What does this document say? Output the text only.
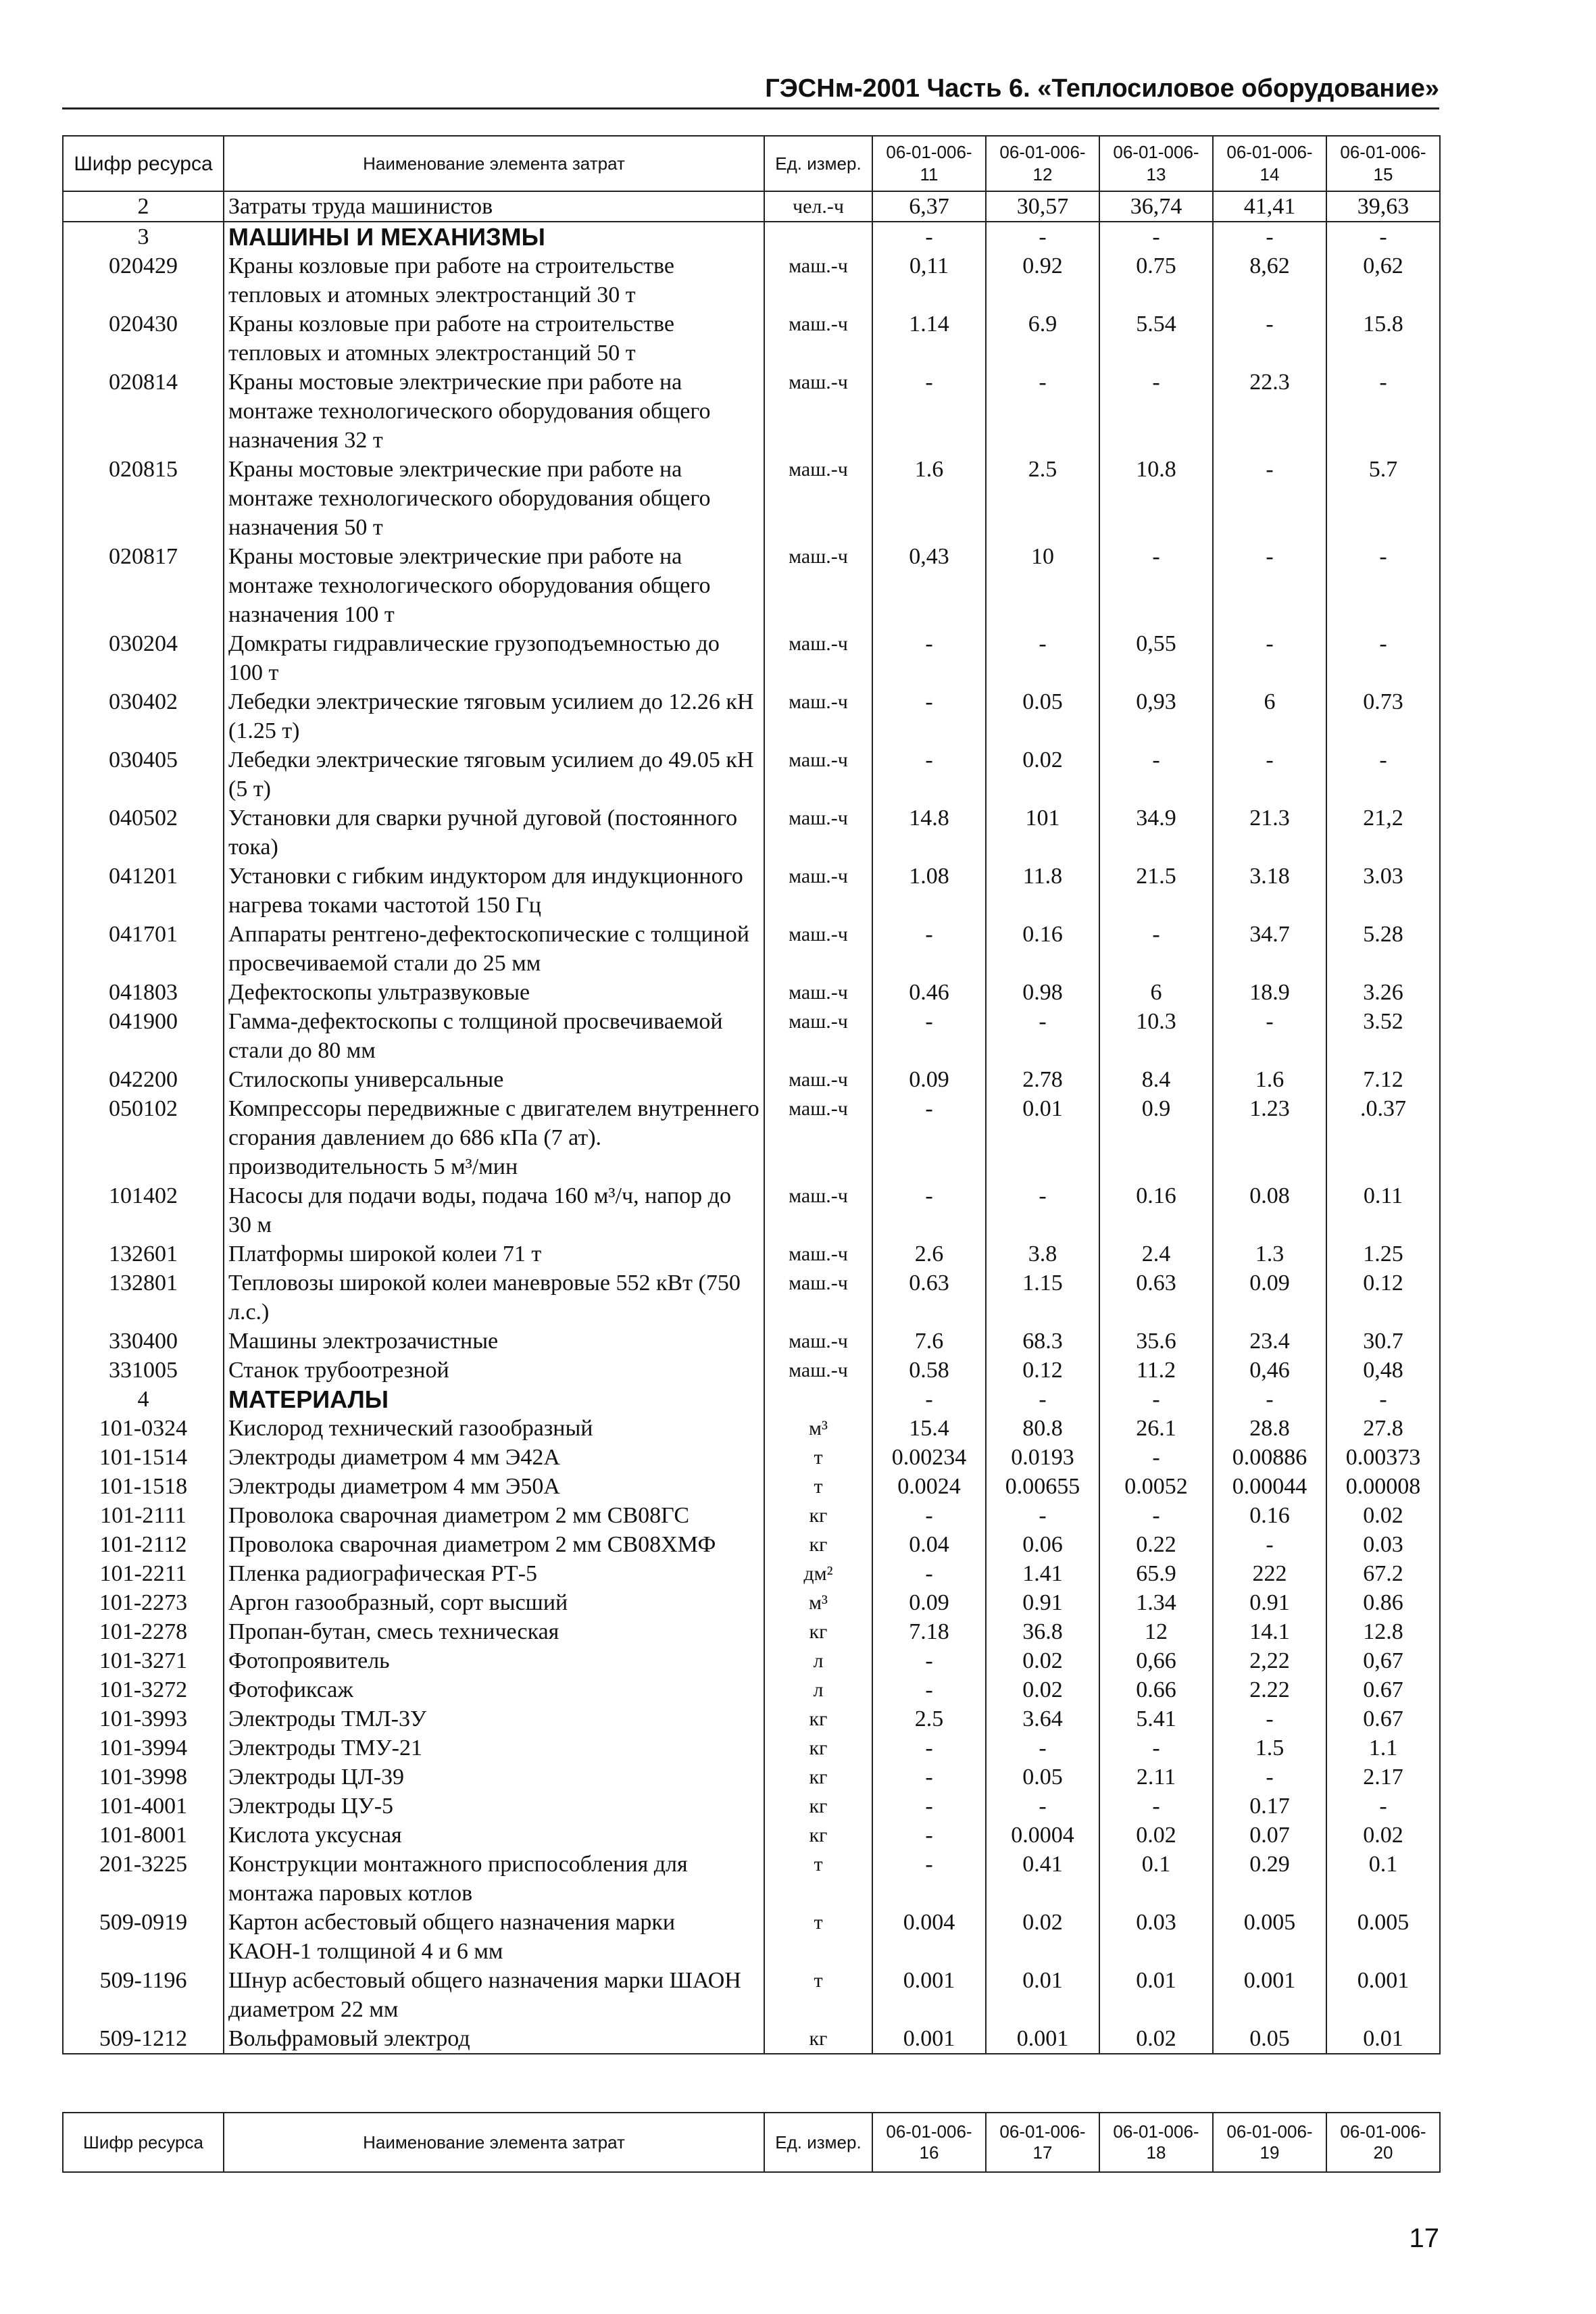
ГЭСНм-2001 Часть 6. «Теплосиловое оборудование»
Шифр ресурса	Наименование элемента затрат	Ед. измер.	06-01-006-11	06-01-006-12	06-01-006-13	06-01-006-14	06-01-006-15
2	Затраты труда машинистов	чел.-ч	6,37	30,57	36,74	41,41	39,63
3	МАШИНЫ И МЕХАНИЗМЫ		-	-	-	-	-
020429	Краны козловые при работе на строительстве тепловых и атомных электростанций 30 т	маш.-ч	0,11	0.92	0.75	8,62	0,62
020430	Краны козловые при работе на строительстве тепловых и атомных электростанций 50 т	маш.-ч	1.14	6.9	5.54	-	15.8
020814	Краны мостовые электрические при работе на монтаже технологического оборудования общего назначения 32 т	маш.-ч	-	-	-	22.3	-
020815	Краны мостовые электрические при работе на монтаже технологического оборудования общего назначения 50 т	маш.-ч	1.6	2.5	10.8	-	5.7
020817	Краны мостовые электрические при работе на монтаже технологического оборудования общего назначения 100 т	маш.-ч	0,43	10	-	-	-
030204	Домкраты гидравлические грузоподъемностью до 100 т	маш.-ч	-	-	0,55	-	-
030402	Лебедки электрические тяговым усилием до 12.26 кН (1.25 т)	маш.-ч	-	0.05	0,93	6	0.73
030405	Лебедки электрические тяговым усилием до 49.05 кН (5 т)	маш.-ч	-	0.02	-	-	-
040502	Установки для сварки ручной дуговой (постоянного тока)	маш.-ч	14.8	101	34.9	21.3	21,2
041201	Установки с гибким индуктором для индукционного нагрева токами частотой 150 Гц	маш.-ч	1.08	11.8	21.5	3.18	3.03
041701	Аппараты рентгено-дефектоскопические с толщиной просвечиваемой стали до 25 мм	маш.-ч	-	0.16	-	34.7	5.28
041803	Дефектоскопы ультразвуковые	маш.-ч	0.46	0.98	6	18.9	3.26
041900	Гамма-дефектоскопы с толщиной просвечиваемой стали до 80 мм	маш.-ч	-	-	10.3	-	3.52
042200	Стилоскопы универсальные	маш.-ч	0.09	2.78	8.4	1.6	7.12
050102	Компрессоры передвижные с двигателем внутреннего сгорания давлением до 686 кПа (7 ат). производительность 5 м³/мин	маш.-ч	-	0.01	0.9	1.23	.0.37
101402	Насосы для подачи воды, подача 160 м³/ч, напор до 30 м	маш.-ч	-	-	0.16	0.08	0.11
132601	Платформы широкой колеи 71 т	маш.-ч	2.6	3.8	2.4	1.3	1.25
132801	Тепловозы широкой колеи маневровые 552 кВт (750 л.с.)	маш.-ч	0.63	1.15	0.63	0.09	0.12
330400	Машины электрозачистные	маш.-ч	7.6	68.3	35.6	23.4	30.7
331005	Станок трубоотрезной	маш.-ч	0.58	0.12	11.2	0,46	0,48
4	МАТЕРИАЛЫ		-	-	-	-	-
101-0324	Кислород технический газообразный	м³	15.4	80.8	26.1	28.8	27.8
101-1514	Электроды диаметром 4 мм Э42А	т	0.00234	0.0193	-	0.00886	0.00373
101-1518	Электроды диаметром 4 мм Э50А	т	0.0024	0.00655	0.0052	0.00044	0.00008
101-2111	Проволока сварочная диаметром 2 мм СВ08ГС	кг	-	-	-	0.16	0.02
101-2112	Проволока сварочная диаметром 2 мм СВ08ХМФ	кг	0.04	0.06	0.22	-	0.03
101-2211	Пленка радиографическая РТ-5	дм²	-	1.41	65.9	222	67.2
101-2273	Аргон газообразный, сорт высший	м³	0.09	0.91	1.34	0.91	0.86
101-2278	Пропан-бутан, смесь техническая	кг	7.18	36.8	12	14.1	12.8
101-3271	Фотопроявитель	л	-	0.02	0,66	2,22	0,67
101-3272	Фотофиксаж	л	-	0.02	0.66	2.22	0.67
101-3993	Электроды ТМЛ-3У	кг	2.5	3.64	5.41	-	0.67
101-3994	Электроды ТМУ-21	кг	-	-	-	1.5	1.1
101-3998	Электроды ЦЛ-39	кг	-	0.05	2.11	-	2.17
101-4001	Электроды ЦУ-5	кг	-	-	-	0.17	-
101-8001	Кислота уксусная	кг	-	0.0004	0.02	0.07	0.02
201-3225	Конструкции монтажного приспособления для монтажа паровых котлов	т	-	0.41	0.1	0.29	0.1
509-0919	Картон асбестовый общего назначения марки КАОН-1 толщиной 4 и 6 мм	т	0.004	0.02	0.03	0.005	0.005
509-1196	Шнур асбестовый общего назначения марки ШАОН диаметром 22 мм	т	0.001	0.01	0.01	0.001	0.001
509-1212	Вольфрамовый электрод	кг	0.001	0.001	0.02	0.05	0.01
Шифр ресурса	Наименование элемента затрат	Ед. измер.	06-01-006-16	06-01-006-17	06-01-006-18	06-01-006-19	06-01-006-20
17
